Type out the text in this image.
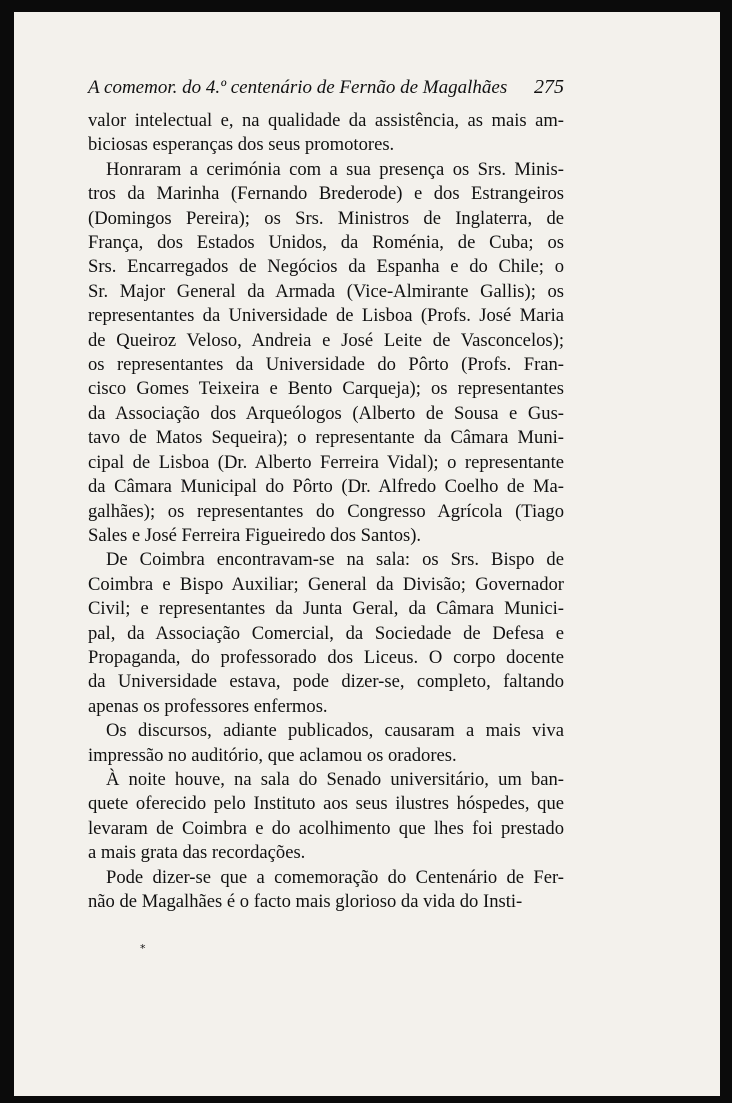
A comemor. do 4.º centenário de Fernão de Magalhães 275

valor intelectual e, na qualidade da assistência, as mais am-
biciosas esperanças dos seus promotores.

Honraram a cerimónia com a sua presença os Srs. Minis-
tros da Marinha (Fernando Brederode) e dos Estrangeiros
(Domingos Pereira); os Srs. Ministros de Inglaterra, de
França, dos Estados Unidos, da Roménia, de Cuba; os
Srs. Encarregados de Negócios da Espanha e do Chile; o
Sr. Major General da Armada (Vice-Almirante Gallis); os
representantes da Universidade de Lisboa (Profs. José Maria
de Queiroz Veloso, Andreia e José Leite de Vasconcelos);
os representantes da Universidade do Pôrto (Profs. Fran-
cisco Gomes Teixeira e Bento Carqueja); os representantes
da Associação dos Arqueólogos (Alberto de Sousa e Gus-
tavo de Matos Sequeira); o representante da Câmara Muni-
cipal de Lisboa (Dr. Alberto Ferreira Vidal); o representante
da Câmara Municipal do Pôrto (Dr. Alfredo Coelho de Ma-
galhães); os representantes do Congresso Agrícola (Tiago
Sales e José Ferreira Figueiredo dos Santos).

De Coimbra encontravam-se na sala: os Srs. Bispo de
Coimbra e Bispo Auxiliar; General da Divisão; Governador
Civil; e representantes da Junta Geral, da Câmara Munici-
pal, da Associação Comercial, da Sociedade de Defesa e
Propaganda, do professorado dos Liceus. O corpo docente
da Universidade estava, pode dizer-se, completo, faltando
apenas os professores enfermos.

Os discursos, adiante publicados, causaram a mais viva
impressão no auditório, que aclamou os oradores.

À noite houve, na sala do Senado universitário, um ban-
quete oferecido pelo Instituto aos seus ilustres hóspedes, que
levaram de Coimbra e do acolhimento que lhes foi prestado
a mais grata das recordações.

Pode dizer-se que a comemoração do Centenário de Fer-
não de Magalhães é o facto mais glorioso da vida do Insti-

*
